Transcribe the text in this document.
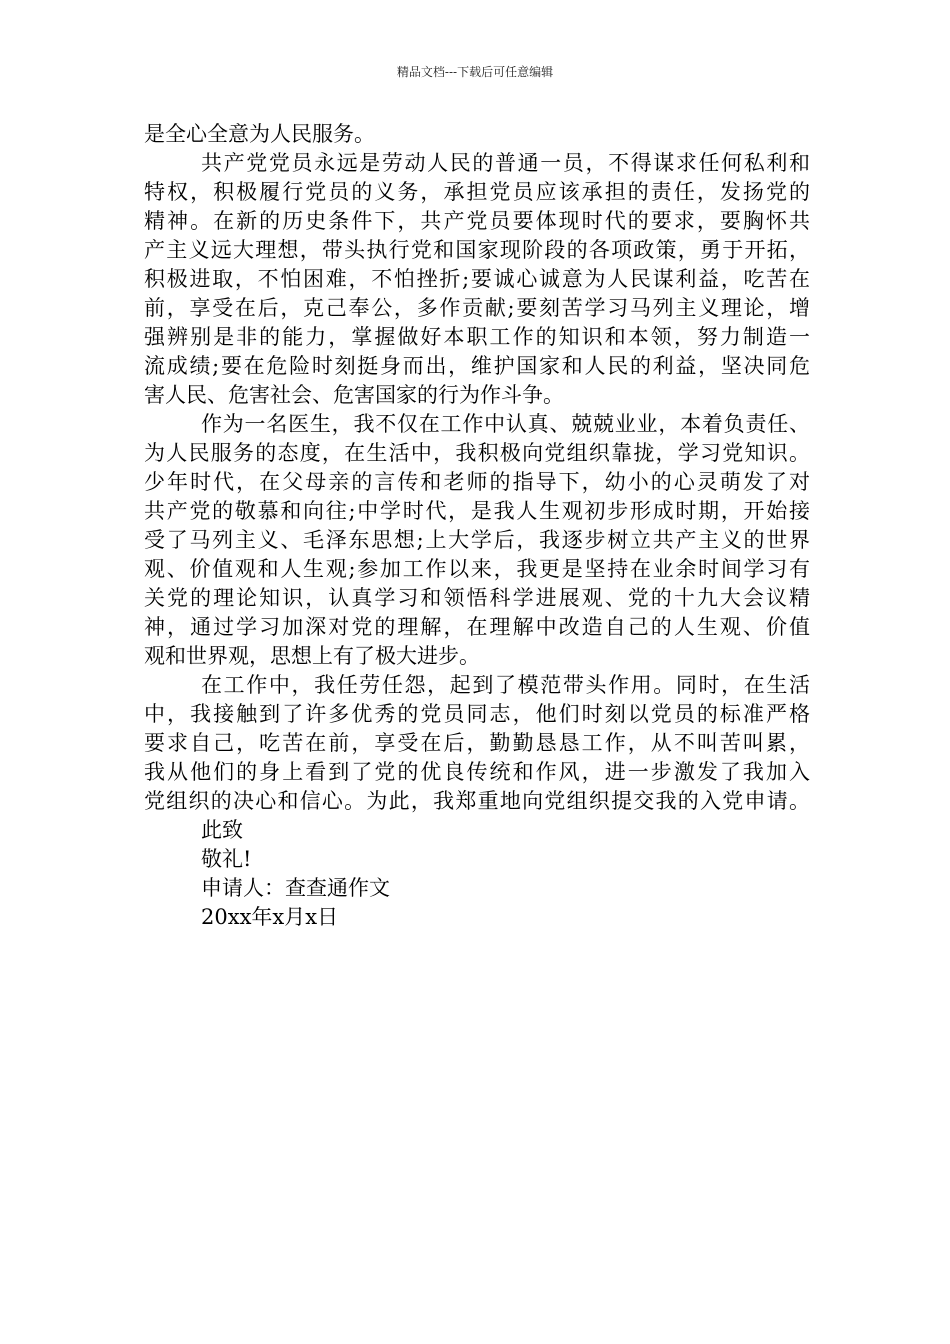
精品文档---下载后可任意编辑
是全心全意为人民服务。
共产党党员永远是劳动人民的普通一员，不得谋求任何私利和
特权，积极履行党员的义务，承担党员应该承担的责任，发扬党的
精神。在新的历史条件下，共产党员要体现时代的要求，要胸怀共
产主义远大理想，带头执行党和国家现阶段的各项政策，勇于开拓，
积极进取，不怕困难，不怕挫折;要诚心诚意为人民谋利益，吃苦在
前，享受在后，克己奉公，多作贡献;要刻苦学习马列主义理论，增
强辨别是非的能力，掌握做好本职工作的知识和本领，努力制造一
流成绩;要在危险时刻挺身而出，维护国家和人民的利益，坚决同危
害人民、危害社会、危害国家的行为作斗争。
作为一名医生，我不仅在工作中认真、兢兢业业，本着负责任、
为人民服务的态度，在生活中，我积极向党组织靠拢，学习党知识。
少年时代，在父母亲的言传和老师的指导下，幼小的心灵萌发了对
共产党的敬慕和向往;中学时代，是我人生观初步形成时期，开始接
受了马列主义、毛泽东思想;上大学后，我逐步树立共产主义的世界
观、价值观和人生观;参加工作以来，我更是坚持在业余时间学习有
关党的理论知识，认真学习和领悟科学进展观、党的十九大会议精
神，通过学习加深对党的理解，在理解中改造自己的人生观、价值
观和世界观，思想上有了极大进步。
在工作中，我任劳任怨，起到了模范带头作用。同时，在生活
中，我接触到了许多优秀的党员同志，他们时刻以党员的标准严格
要求自己，吃苦在前，享受在后，勤勤恳恳工作，从不叫苦叫累，
我从他们的身上看到了党的优良传统和作风，进一步激发了我加入
党组织的决心和信心。为此，我郑重地向党组织提交我的入党申请。
此致
敬礼!
申请人：查查通作文
20xx年x月x日
